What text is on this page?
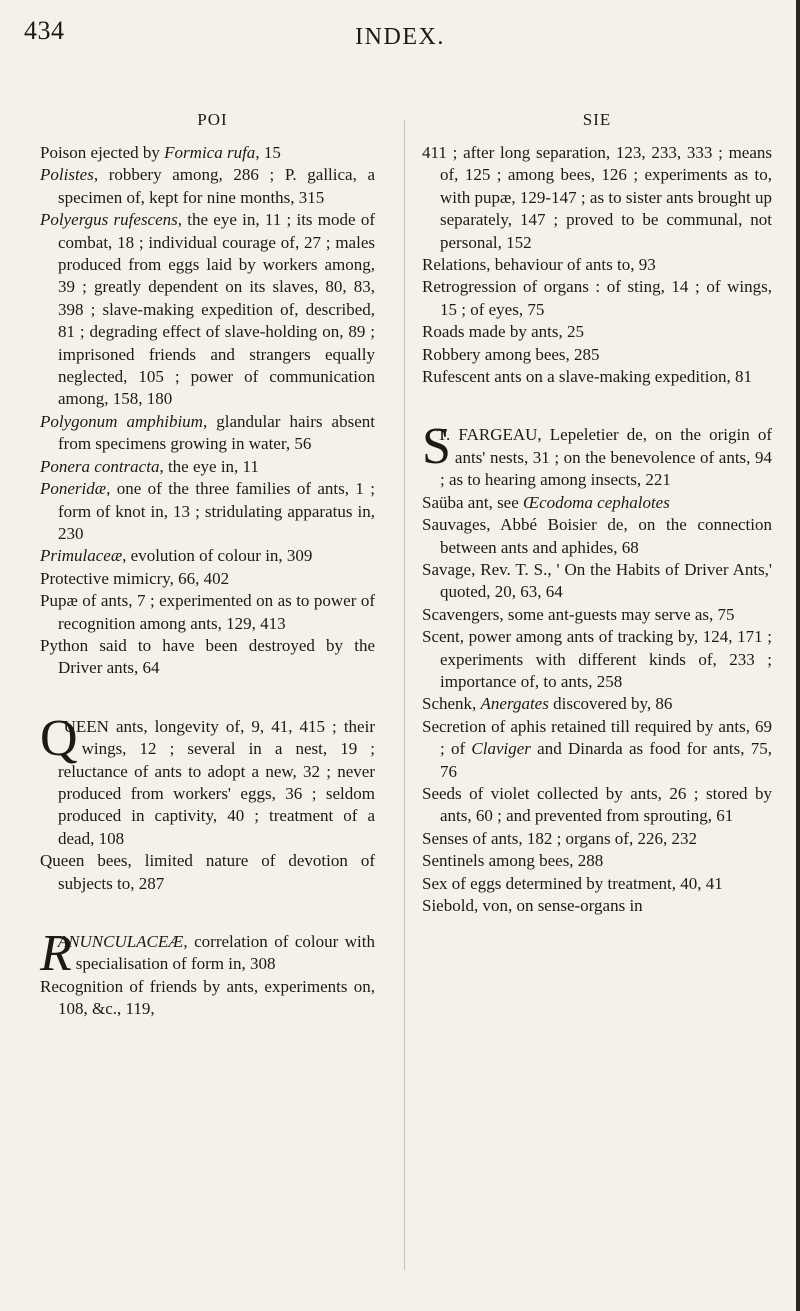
434	INDEX.
POI

Poison ejected by Formica rufa, 15

Polistes, robbery among, 286 ; P. gallica, a specimen of, kept for nine months, 315

Polyergus rufescens, the eye in, 11 ; its mode of combat, 18 ; individual courage of, 27 ; males produced from eggs laid by workers among, 39 ; greatly dependent on its slaves, 80, 83, 398 ; slave-making expedition of, described, 81 ; degrading effect of slave-holding on, 89 ; imprisoned friends and strangers equally neglected, 105 ; power of communication among, 158, 180

Polygonum amphibium, glandular hairs absent from specimens growing in water, 56

Ponera contracta, the eye in, 11

Poneridæ, one of the three families of ants, 1 ; form of knot in, 13 ; stridulating apparatus in, 230

Primulaceæ, evolution of colour in, 309

Protective mimicry, 66, 402

Pupæ of ants, 7 ; experimented on as to power of recognition among ants, 129, 413

Python said to have been destroyed by the Driver ants, 64

Q
UEEN ants, longevity of, 9, 41, 415 ; their wings, 12 ; several in a nest, 19 ; reluctance of ants to adopt a new, 32 ; never produced from workers' eggs, 36 ; seldom produced in captivity, 40 ; treatment of a dead, 108

Queen bees, limited nature of devotion of subjects to, 287

R
ANUNCULACEÆ, correlation of colour with specialisation of form in, 308

Recognition of friends by ants, experiments on, 108, &c., 119,

SIE

411 ; after long separation, 123, 233, 333 ; means of, 125 ; among bees, 126 ; experiments as to, with pupæ, 129-147 ; as to sister ants brought up separately, 147 ; proved to be communal, not personal, 152

Relations, behaviour of ants to, 93

Retrogression of organs : of sting, 14 ; of wings, 15 ; of eyes, 75

Roads made by ants, 25

Robbery among bees, 285

Rufescent ants on a slave-making expedition, 81

S
T. FARGEAU, Lepeletier de, on the origin of ants' nests, 31 ; on the benevolence of ants, 94 ; as to hearing among insects, 221

Saüba ant, see Œcodoma cephalotes

Sauvages, Abbé Boisier de, on the connection between ants and aphides, 68

Savage, Rev. T. S., ' On the Habits of Driver Ants,' quoted, 20, 63, 64

Scavengers, some ant-guests may serve as, 75

Scent, power among ants of tracking by, 124, 171 ; experiments with different kinds of, 233 ; importance of, to ants, 258

Schenk, Anergates discovered by, 86

Secretion of aphis retained till required by ants, 69 ; of Claviger and Dinarda as food for ants, 75, 76

Seeds of violet collected by ants, 26 ; stored by ants, 60 ; and prevented from sprouting, 61

Senses of ants, 182 ; organs of, 226, 232

Sentinels among bees, 288

Sex of eggs determined by treatment, 40, 41

Siebold, von, on sense-organs in
